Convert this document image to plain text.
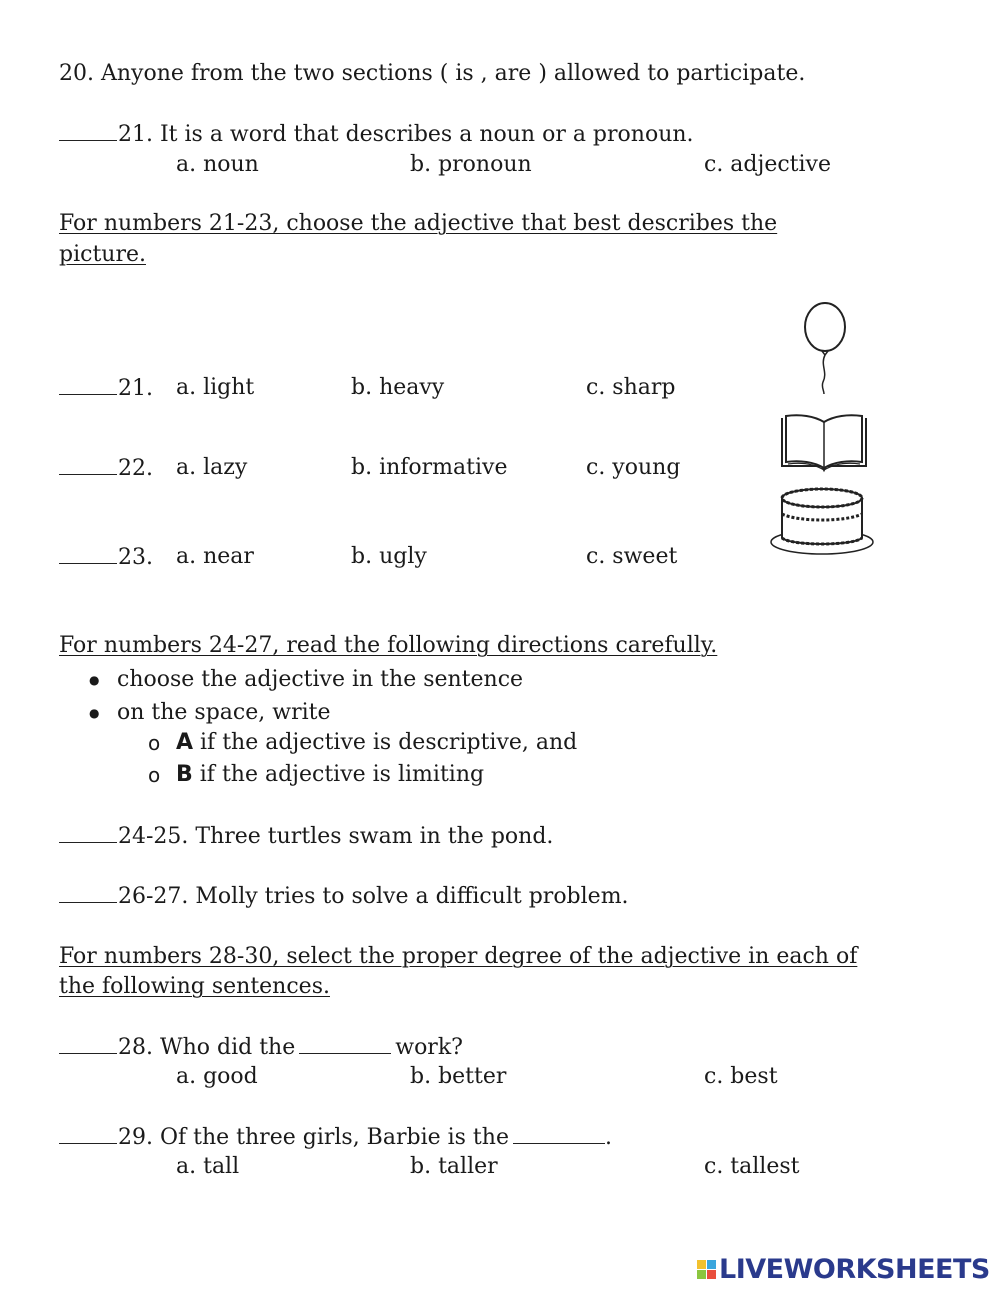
20. Anyone from the two sections ( is , are ) allowed to participate.
21. It is a word that describes a noun or a pronoun.
a. noun	b. pronoun	c. adjective
For numbers 21-23, choose the adjective that best describes the
picture.
21. a. light	b. heavy	c. sharp
22. a. lazy	b. informative	c. young
23. a. near	b. ugly	c. sweet
For numbers 24-27, read the following directions carefully.
● choose the adjective in the sentence
● on the space, write
o A if the adjective is descriptive, and
o B if the adjective is limiting
24-25. Three turtles swam in the pond.
26-27. Molly tries to solve a difficult problem.
For numbers 28-30, select the proper degree of the adjective in each of
the following sentences.
28. Who did the	work?
a. good	b. better	c. best
29. Of the three girls, Barbie is the	.
a. tall	b. taller	c. tallest
LIVEWORKSHEETS
